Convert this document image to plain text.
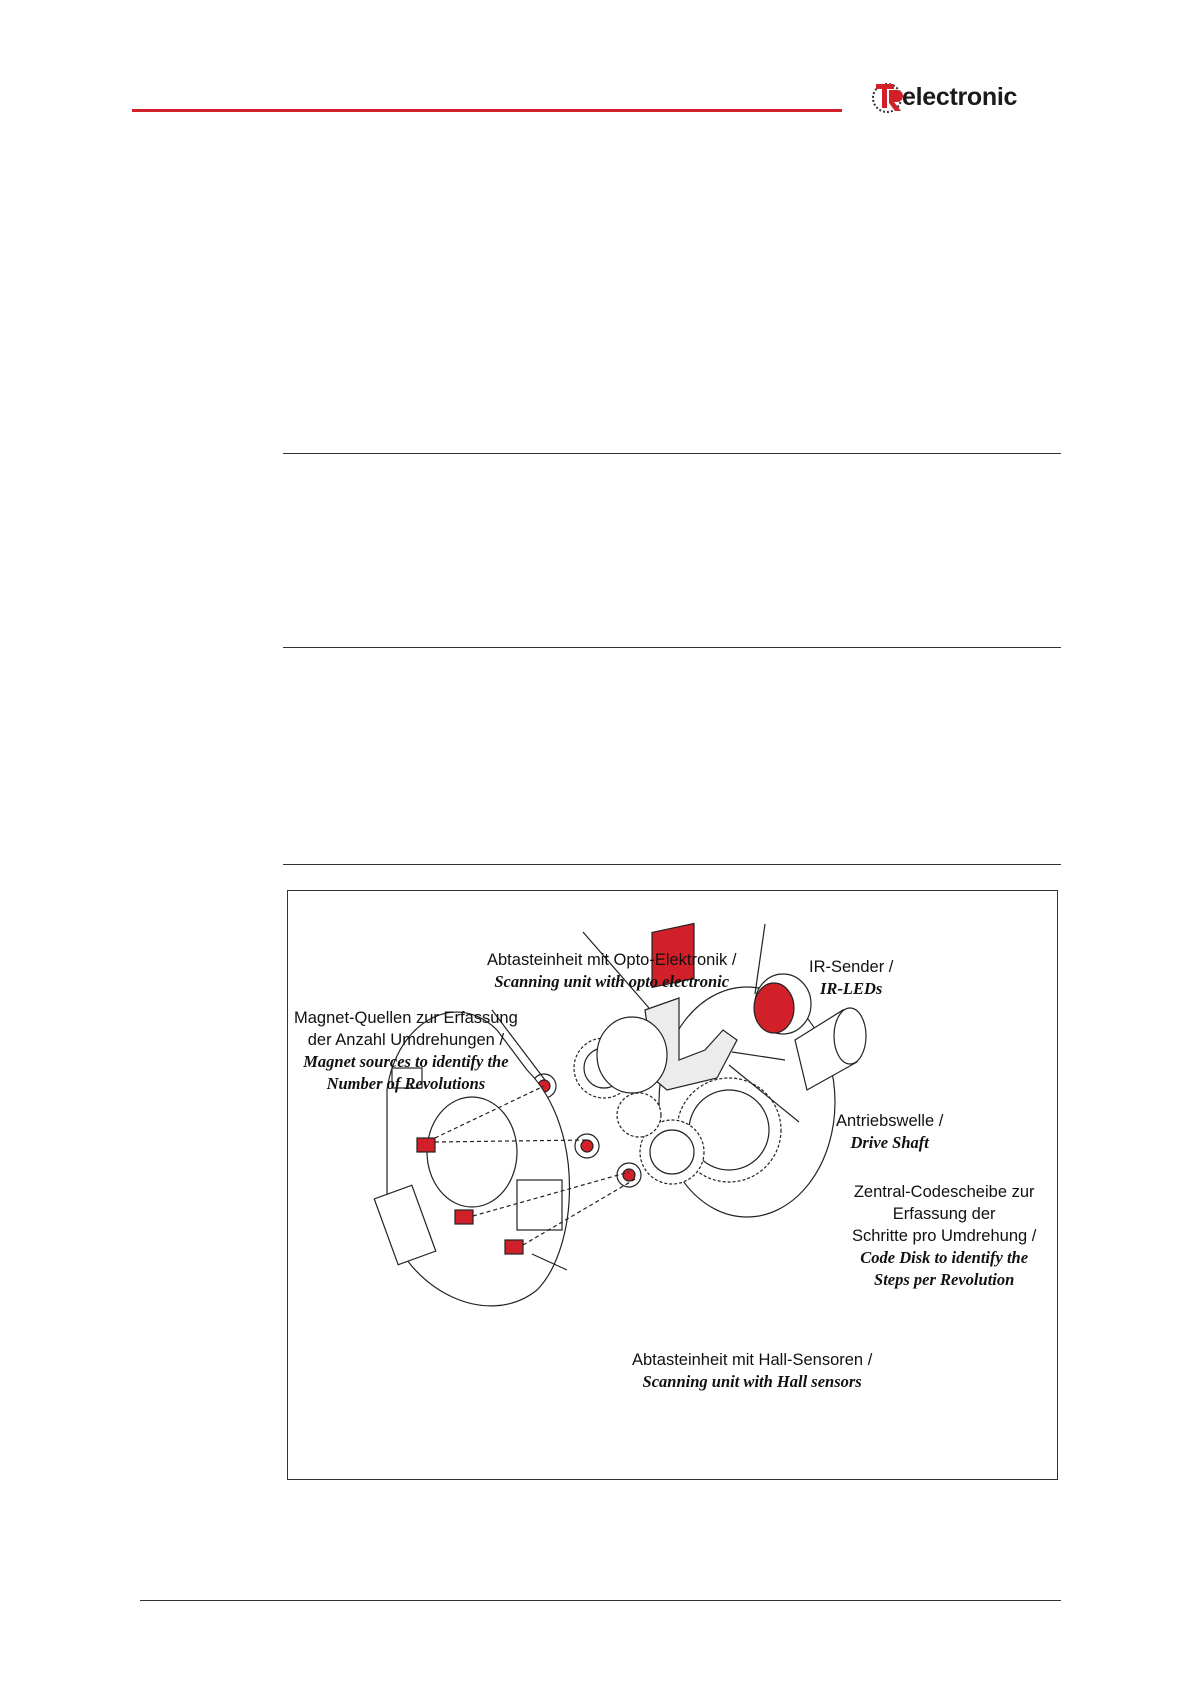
electronic
Abtasteinheit mit Opto-Elektronik /
Scanning unit with opto electronic
IR-Sender /
IR-LEDs
Magnet-Quellen zur Erfassung
der Anzahl Umdrehungen /
Magnet sources to identify the
Number of Revolutions
Antriebswelle /
Drive Shaft
Zentral-Codescheibe zur
Erfassung der
Schritte pro Umdrehung /
Code Disk to identify the
Steps per Revolution
Abtasteinheit mit Hall-Sensoren /
Scanning unit with Hall sensors
